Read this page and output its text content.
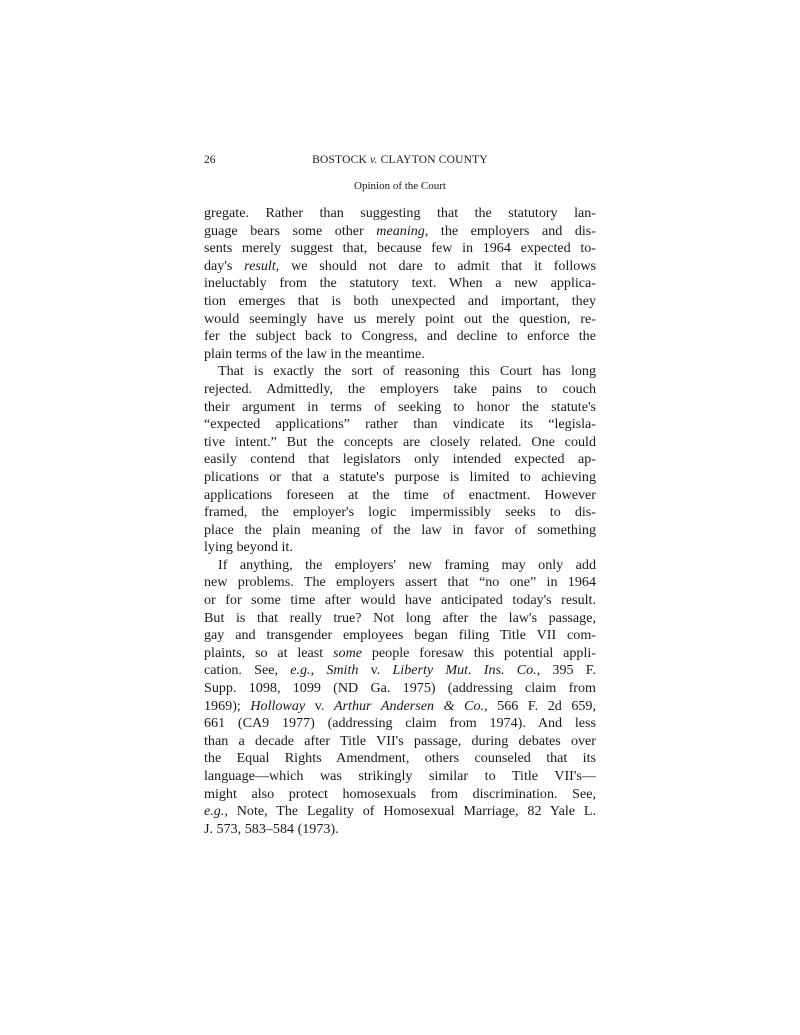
26	BOSTOCK v. CLAYTON COUNTY
Opinion of the Court
gregate. Rather than suggesting that the statutory lan-
guage bears some other meaning, the employers and dis-
sents merely suggest that, because few in 1964 expected to-
day's result, we should not dare to admit that it follows
ineluctably from the statutory text. When a new applica-
tion emerges that is both unexpected and important, they
would seemingly have us merely point out the question, re-
fer the subject back to Congress, and decline to enforce the
plain terms of the law in the meantime.
That is exactly the sort of reasoning this Court has long
rejected. Admittedly, the employers take pains to couch
their argument in terms of seeking to honor the statute's
“expected applications” rather than vindicate its “legisla-
tive intent.” But the concepts are closely related. One could
easily contend that legislators only intended expected ap-
plications or that a statute's purpose is limited to achieving
applications foreseen at the time of enactment. However
framed, the employer's logic impermissibly seeks to dis-
place the plain meaning of the law in favor of something
lying beyond it.
If anything, the employers' new framing may only add
new problems. The employers assert that “no one” in 1964
or for some time after would have anticipated today's result.
But is that really true? Not long after the law's passage,
gay and transgender employees began filing Title VII com-
plaints, so at least some people foresaw this potential appli-
cation. See, e.g., Smith v. Liberty Mut. Ins. Co., 395 F.
Supp. 1098, 1099 (ND Ga. 1975) (addressing claim from
1969); Holloway v. Arthur Andersen & Co., 566 F. 2d 659,
661 (CA9 1977) (addressing claim from 1974). And less
than a decade after Title VII's passage, during debates over
the Equal Rights Amendment, others counseled that its
language—which was strikingly similar to Title VII's—
might also protect homosexuals from discrimination. See,
e.g., Note, The Legality of Homosexual Marriage, 82 Yale L.
J. 573, 583–584 (1973).
